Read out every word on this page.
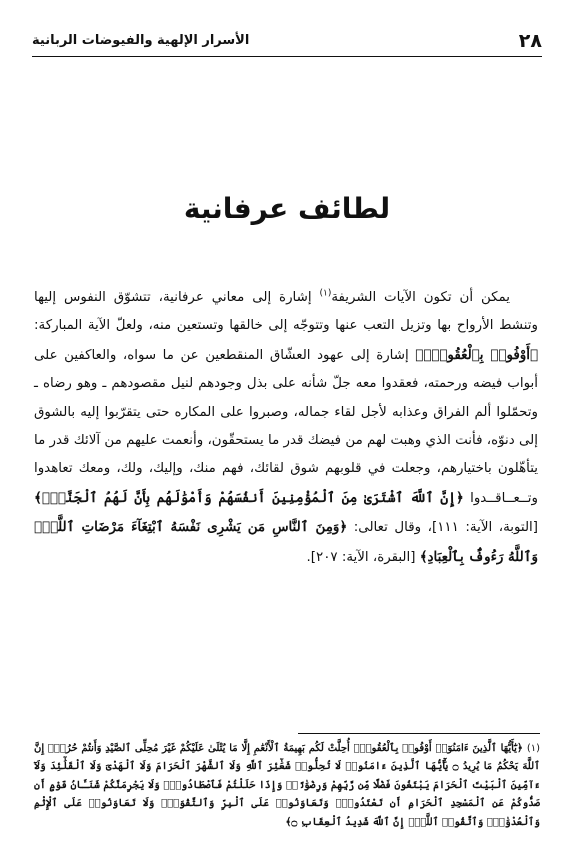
٢٨
الأسرار الإلهية والفيوضات الربانية
لطائف عرفانية

يمكن أن تكون الآيات الشريفة$^{(١)}$ إشارة إلى معاني عرفانية، تتشوّق النفوس إليها وتنشط الأرواح بها وتزيل التعب عنها وتتوجّه إلى خالقها وتستعين منه، ولعلّ الآية المباركة: ﴿أَوْفُوا۟ بِٱلْعُقُودِۚ﴾ إشارة إلى عهود العشّاق المنقطعين عن ما سواه، والعاكفين على أبواب فيضه ورحمته، فعقدوا معه جلّ شأنه على بذل وجودهم لنيل مقصودهم ـ وهو رضاه ـ وتحمّلوا ألم الفراق وعذابه لأجل لقاء جماله، وصبروا على المكاره حتى يتقرّبوا إليه بالشوق إلى دنوّه، فأنت الذي وهبت لهم من فيضك قدر ما يستحقّون، وأنعمت عليهم من آلائك قدر ما يتأهّلون باختيارهم، وجعلت في قلوبهم شوق لقائك، فهم منك، وإليك، ولك، ومعك تعاهدوا وتــعــاقــدوا ﴿إِنَّ ٱللَّهَ ٱشْتَرَىٰ مِنَ ٱلْمُؤْمِنِينَ أَنفُسَهُمْ وَأَمْوَٰلَهُم بِأَنَّ لَهُمُ ٱلْجَنَّةَۚ﴾ [التوبة، الآية: ١١١]، وقال تعالى: ﴿وَمِنَ ٱلنَّاسِ مَن يَشْرِى نَفْسَهُ ٱبْتِغَآءَ مَرْضَاتِ ٱللَّهِۗ وَٱللَّهُ رَءُوفٌۢ بِٱلْعِبَادِ﴾ [البقرة، الآية: ٢٠٧].

(١)﴿يَٰٓأَيُّهَا ٱلَّذِينَ ءَامَنُوٓا۟ أَوْفُوا۟ بِٱلْعُقُودِۚ أُحِلَّتْ لَكُم بَهِيمَةُ ٱلْأَنْعَٰمِ إِلَّا مَا يُتْلَىٰ عَلَيْكُمْ غَيْرَ مُحِلِّى ٱلصَّيْدِ وَأَنتُمْ حُرُمٌۗ إِنَّ ٱللَّهَ يَحْكُمُ مَا يُرِيدُ ۝ يَٰٓأَيُّهَا ٱلَّذِينَ ءَامَنُوا۟ لَا تُحِلُّوا۟ شَعَٰٓئِرَ ٱللَّهِ وَلَا ٱلشَّهْرَ ٱلْحَرَامَ وَلَا ٱلْهَدْىَ وَلَا ٱلْقَلَٰٓئِدَ وَلَآ ءَآمِّينَ ٱلْبَيْتَ ٱلْحَرَامَ يَبْتَغُونَ فَضْلًا مِّن رَّبِّهِمْ وَرِضْوَٰنًاۚ وَإِذَا حَلَلْتُمْ فَٱصْطَادُوا۟ۚ وَلَا يَجْرِمَنَّكُمْ شَنَـَٔانُ قَوْمٍ أَن صَدُّوكُمْ عَنِ ٱلْمَسْجِدِ ٱلْحَرَامِ أَن تَعْتَدُوا۟ۘ وَتَعَاوَنُوا۟ عَلَى ٱلْبِرِّ وَٱلتَّقْوَىٰۖ وَلَا تَعَاوَنُوا۟ عَلَى ٱلْإِثْمِ وَٱلْعُدْوَٰنِۚ وَٱتَّقُوا۟ ٱللَّهَۖ إِنَّ ٱللَّهَ شَدِيدُ ٱلْعِقَابِ ۝﴾
